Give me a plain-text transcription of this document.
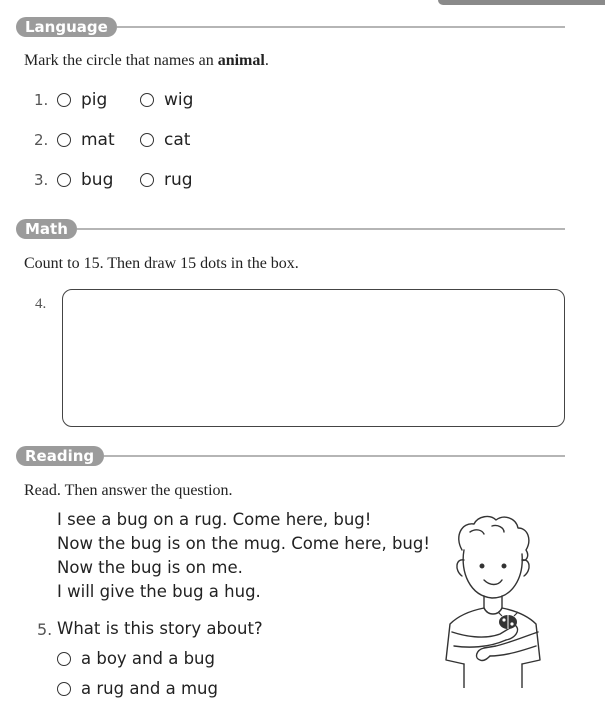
Language
Mark the circle that names an animal.
1. pig	wig
2. mat	cat
3. bug	rug
Math
Count to 15. Then draw 15 dots in the box.
4.
Reading
Read. Then answer the question.
I see a bug on a rug. Come here, bug!
Now the bug is on the mug. Come here, bug!
Now the bug is on me.
I will give the bug a hug.
5. What is this story about?
a boy and a bug
a rug and a mug
